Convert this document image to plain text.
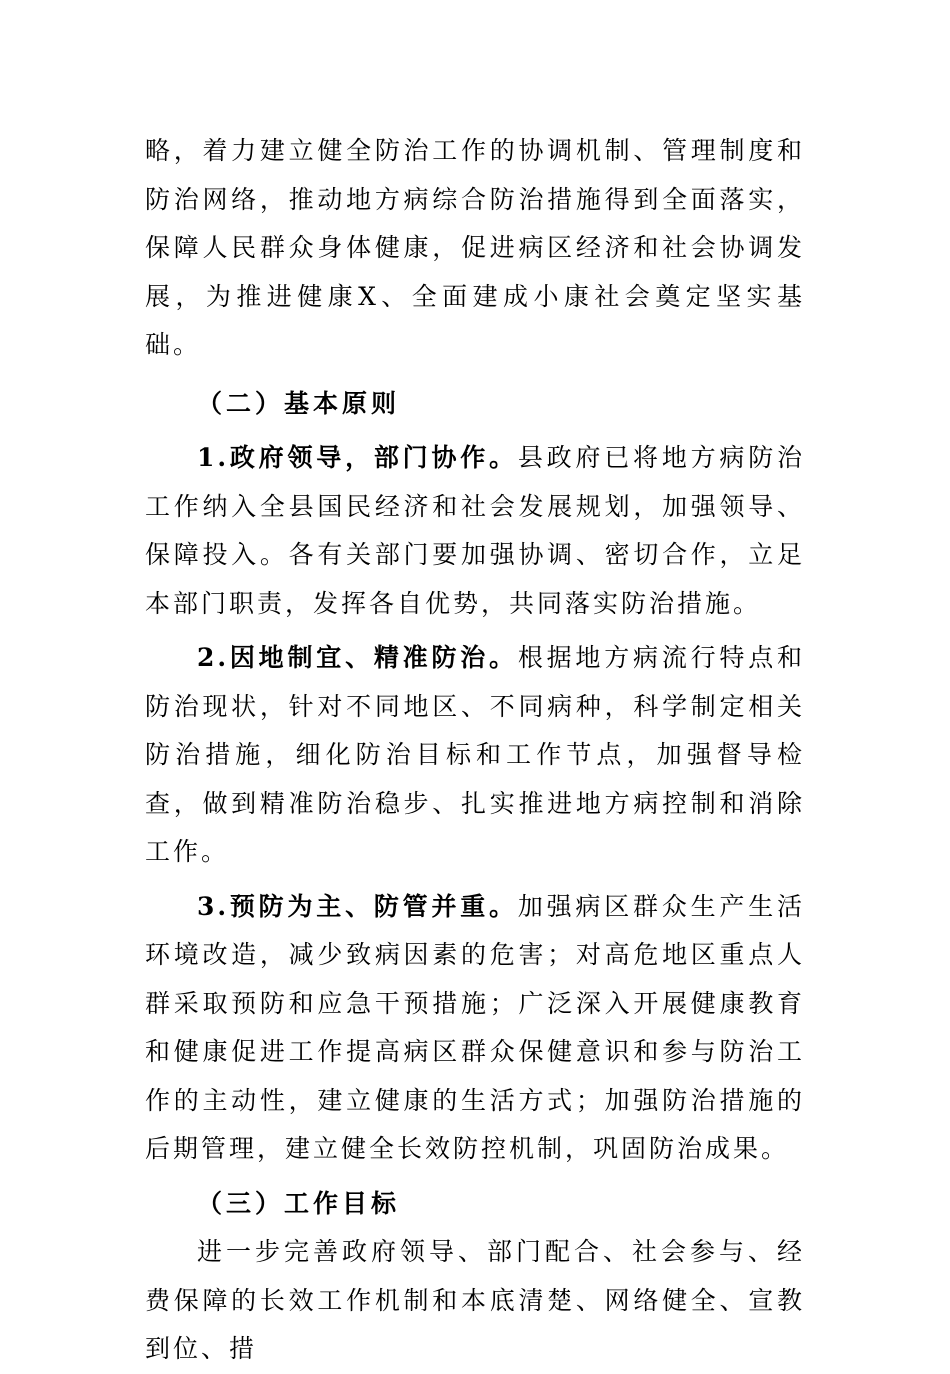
略，着力建立健全防治工作的协调机制、管理制度和防治网络，推动地方病综合防治措施得到全面落实，保障人民群众身体健康，促进病区经济和社会协调发展，为推进健康X、全面建成小康社会奠定坚实基础。

（二）基本原则

1.政府领导，部门协作。县政府已将地方病防治工作纳入全县国民经济和社会发展规划，加强领导、保障投入。各有关部门要加强协调、密切合作，立足本部门职责，发挥各自优势，共同落实防治措施。

2.因地制宜、精准防治。根据地方病流行特点和防治现状，针对不同地区、不同病种，科学制定相关防治措施，细化防治目标和工作节点，加强督导检查，做到精准防治稳步、扎实推进地方病控制和消除工作。

3.预防为主、防管并重。加强病区群众生产生活环境改造，减少致病因素的危害；对高危地区重点人群采取预防和应急干预措施；广泛深入开展健康教育和健康促进工作提高病区群众保健意识和参与防治工作的主动性，建立健康的生活方式；加强防治措施的后期管理，建立健全长效防控机制，巩固防治成果。

（三）工作目标

进一步完善政府领导、部门配合、社会参与、经费保障的长效工作机制和本底清楚、网络健全、宣教到位、措
